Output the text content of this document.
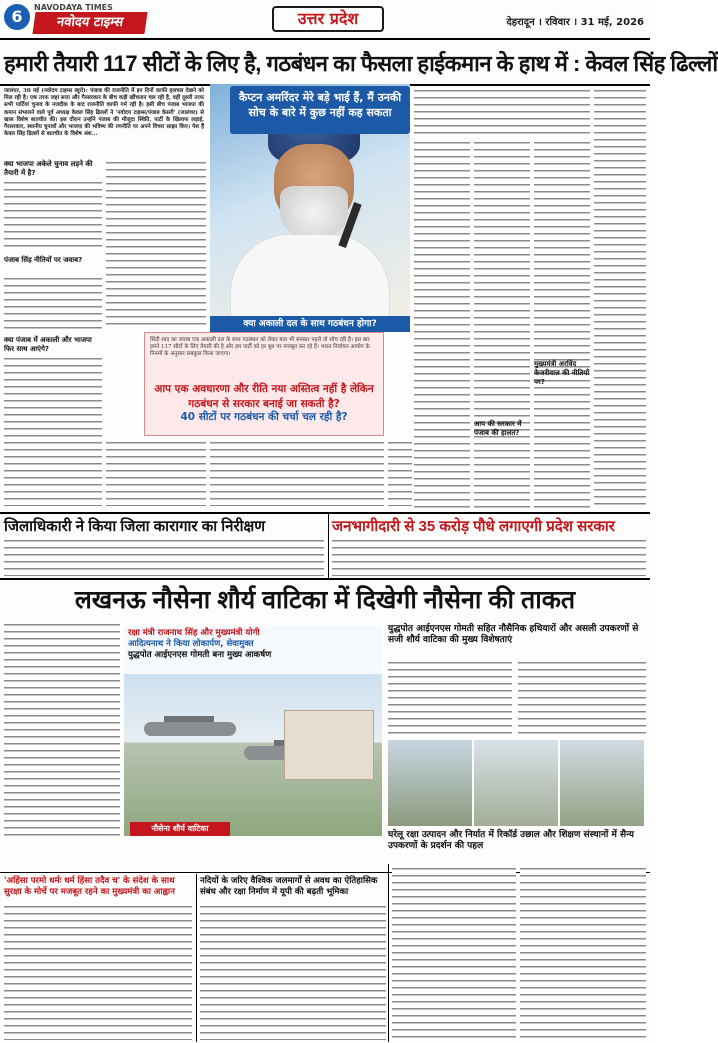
6	NAVODAYA TIMES
नवोदय टाइम्स	उत्तर प्रदेश	देहरादून । रविवार । 31 मई, 2026
हमारी तैयारी 117 सीटों के लिए है, गठबंधन का फैसला हाईकमान के हाथ में : केवल सिंह ढिल्लों
जालंधर, 30 मई (नवोदय टाइम्स ब्यूरो): पंजाब की राजनीति में इन दिनों काफी हलचल देखने को मिल रही है। एक तरफ जहां सत्ता और गैरसरकार के बीच कड़ी खींचतान चल रही है, वहीं दूसरी तरफ सभी पार्टियां चुनाव के नजदीक के बाद राजनीति काफी गर्म रही है। इसी बीच पंजाब भाजपा की कमान संभालने वाले पूर्व अध्यक्ष केवल सिंह ढिल्लों ने 'नवोदय टाइम्स/पंजाब केसरी' (जालंधर) से खास विशेष बातचीत की। इस दौरान उन्होंने पंजाब की मौजूदा स्थिति, पार्टी के खिलाफ लड़ाई, गैरसरकार, स्थानीय चुनावों और भाजपा की भविष्य की रणनीति पर अपने विचार साझा किए। पेश हैं केवल सिंह ढिल्लों से बातचीत के विशेष अंश...
क्या भाजपा अकेले चुनाव लड़ने की तैयारी में है?
पंजाब सिंह नीतियों पर जवाब?
क्या पंजाब में अकाली और भाजपा फिर साथ आएंगे?
कैप्टन अमरिंदर मेरे बड़े भाई हैं, मैं उनकी सोच के बारे में कुछ नहीं कह सकता
क्या अकाली दल के साथ गठबंधन होगा?
सिंदी साद का जवाब एक अकाली दल के साथ गठबंधन को लेकर बात भी संस्कार पहले तो सोच रही है। इस बार हमने 117 सीटों के लिए तैयारी की है और हम पार्टी को हर बूथ पर मजबूत कर रहे हैं। भारत निर्वाचन आयोग के नियमों के अनुसार सबकुछ किया जाएगा।
आप एक अवधारणा और रीति नया अस्तित्व नहीं है लेकिन
गठबंधन से सरकार बनाई जा सकती है?
40 सीटों पर गठबंधन की चर्चा चल रही है?
मुख्यमंत्री अरविंद केजरीवाल की नीतियों पर?
आप की सरकार में पंजाब की हालत?
जिलाधिकारी ने किया जिला कारागार का निरीक्षण	जनभागीदारी से 35 करोड़ पौधे लगाएगी प्रदेश सरकार
लखनऊ नौसेना शौर्य वाटिका में दिखेगी नौसेना की ताकत
रक्षा मंत्री राजनाथ सिंह और मुख्यमंत्री योगी
आदित्यनाथ ने किया लोकार्पण, सेवामुक्त
युद्धपोत आईएनएस गोमती बना मुख्य आकर्षण
नौसेना शौर्य वाटिका
युद्धपोत आईएनएस गोमती सहित नौसैनिक हथियारों और असली उपकरणों से सजी शौर्य वाटिका की मुख्य विशेषताएं
घरेलू रक्षा उत्पादन और निर्यात में रिकॉर्ड उछाल और शिक्षण संस्थानों में सैन्य उपकरणों के प्रदर्शन की पहल
'अहिंसा परमो धर्मः धर्म हिंसा तदैव च' के संदेश के साथ सुरक्षा के मोर्चे पर मजबूत रहने का मुख्यमंत्री का आह्वान
नदियों के जरिए वैश्विक जलमार्गों से अवध का ऐतिहासिक संबंध और रक्षा निर्माण में यूपी की बढ़ती भूमिका
